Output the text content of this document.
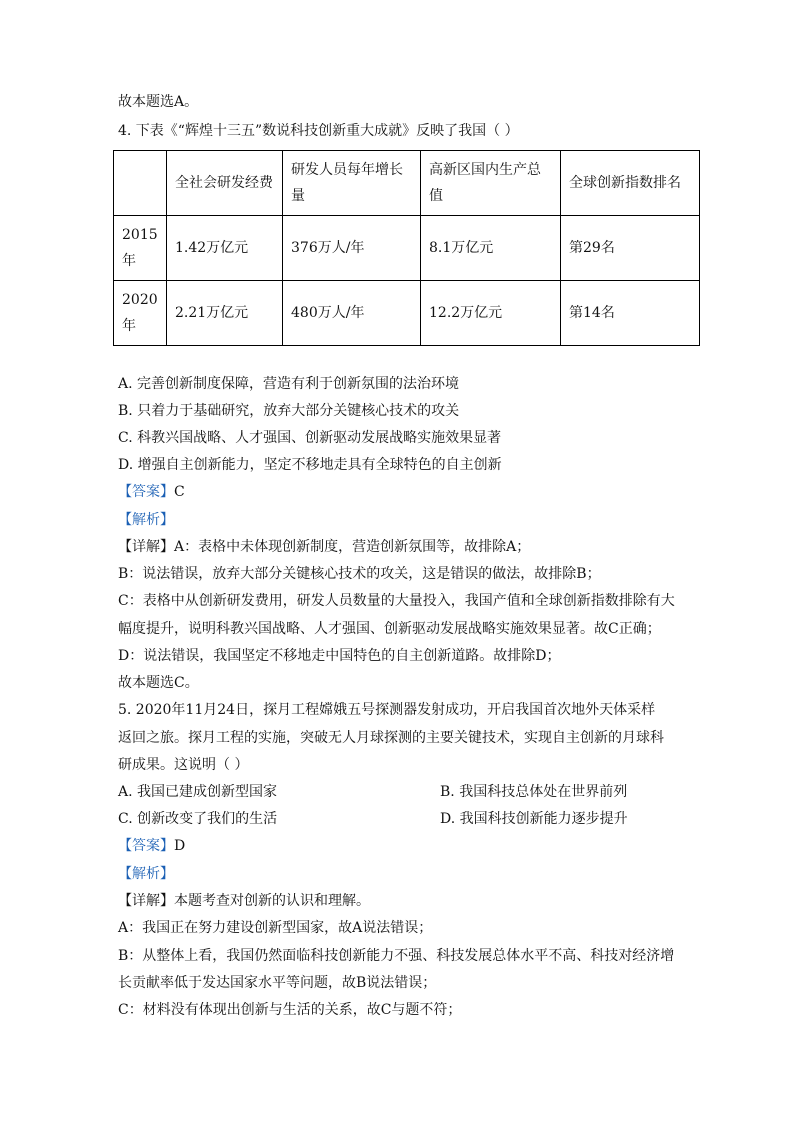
故本题选A。
4. 下表《“辉煌十三五”数说科技创新重大成就》反映了我国（ ）
	全社会研发经费	研发人员每年增长量	高新区国内生产总值	全球创新指数排名
2015年	1.42万亿元	376万人/年	8.1万亿元	第29名
2020年	2.21万亿元	480万人/年	12.2万亿元	第14名
A. 完善创新制度保障，营造有利于创新氛围的法治环境
B. 只着力于基础研究，放弃大部分关键核心技术的攻关
C. 科教兴国战略、人才强国、创新驱动发展战略实施效果显著
D. 增强自主创新能力，坚定不移地走具有全球特色的自主创新
【答案】C
【解析】
【详解】A：表格中未体现创新制度，营造创新氛围等，故排除A；
B：说法错误，放弃大部分关键核心技术的攻关，这是错误的做法，故排除B；
C：表格中从创新研发费用，研发人员数量的大量投入，我国产值和全球创新指数排除有大
幅度提升，说明科教兴国战略、人才强国、创新驱动发展战略实施效果显著。故C正确；
D：说法错误，我国坚定不移地走中国特色的自主创新道路。故排除D；
故本题选C。
5. 2020年11月24日，探月工程嫦娥五号探测器发射成功，开启我国首次地外天体采样
返回之旅。探月工程的实施，突破无人月球探测的主要关键技术，实现自主创新的月球科
研成果。这说明（ ）
A. 我国已建成创新型国家	B. 我国科技总体处在世界前列
C. 创新改变了我们的生活	D. 我国科技创新能力逐步提升
【答案】D
【解析】
【详解】本题考查对创新的认识和理解。
A：我国正在努力建设创新型国家，故A说法错误；
B：从整体上看，我国仍然面临科技创新能力不强、科技发展总体水平不高、科技对经济增
长贡献率低于发达国家水平等问题，故B说法错误；
C：材料没有体现出创新与生活的关系，故C与题不符；
